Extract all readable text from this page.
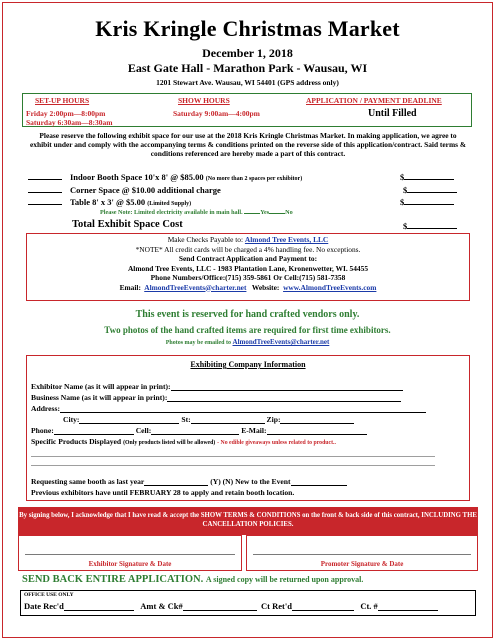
Kris Kringle Christmas Market
December 1, 2018
East Gate Hall - Marathon Park - Wausau, WI
1201 Stewart Ave. Wausau, WI 54401 (GPS address only)
SET-UP HOURS	SHOW HOURS	APPLICATION / PAYMENT DEADLINE
Friday 2:00pm—8:00pm
Saturday 6:30am—8:30am
Saturday 9:00am—4:00pm	Until Filled
Please reserve the following exhibit space for our use at the 2018 Kris Kringle Christmas Market. In making application, we agree to exhibit under and comply with the accompanying terms & conditions printed on the reverse side of this application/contract. Said terms & conditions referenced are hereby made a part of this contract.
Indoor Booth Space 10'x 8' @ $85.00 (No more than 2 spaces per exhibitor)	$
Corner Space @ $10.00 additional charge	$
Table 8' x 3' @ $5.00 (Limited Supply)	$
Please Note: Limited electricity available in main hall.	Yes	No
Total Exhibit Space Cost	$
Make Checks Payable to: Almond Tree Events, LLC
*NOTE* All credit cards will be charged a 4% handling fee. No exceptions.
Send Contract Application and Payment to:
Almond Tree Events, LLC - 1983 Plantation Lane, Kronenwetter, WI. 54455
Phone Numbers/Office:(715) 359-5861 Or Cell:(715) 581-7358
Email: AlmondTreeEvents@charter.net Website: www.AlmondTreeEvents.com
This event is reserved for hand crafted vendors only.
Two photos of the hand crafted items are required for first time exhibitors.
Photos may be emailed to AlmondTreeEvents@charter.net
Exhibiting Company Information
Exhibitor Name (as it will appear in print):
Business Name (as it will appear in print):
Address:
City:	St:	Zip:
Phone:	Cell:	E-Mail:
Specific Products Displayed (Only products listed will be allowed) - No edible giveaways unless related to product..
Requesting same booth as last year	(Y) (N) New to the Event
Previous exhibitors have until FEBRUARY 28 to apply and retain booth location.
By signing below, I acknowledge that I have read & accept the SHOW TERMS & CONDITIONS on the front & back side of this contract, INCLUDING THE CANCELLATION POLICIES.
Exhibitor Signature & Date	Promoter Signature & Date
SEND BACK ENTIRE APPLICATION. A signed copy will be returned upon approval.
OFFICE USE ONLY
Date Rec'd	Amt & Ck#	Ct Ret'd	Ct. #
